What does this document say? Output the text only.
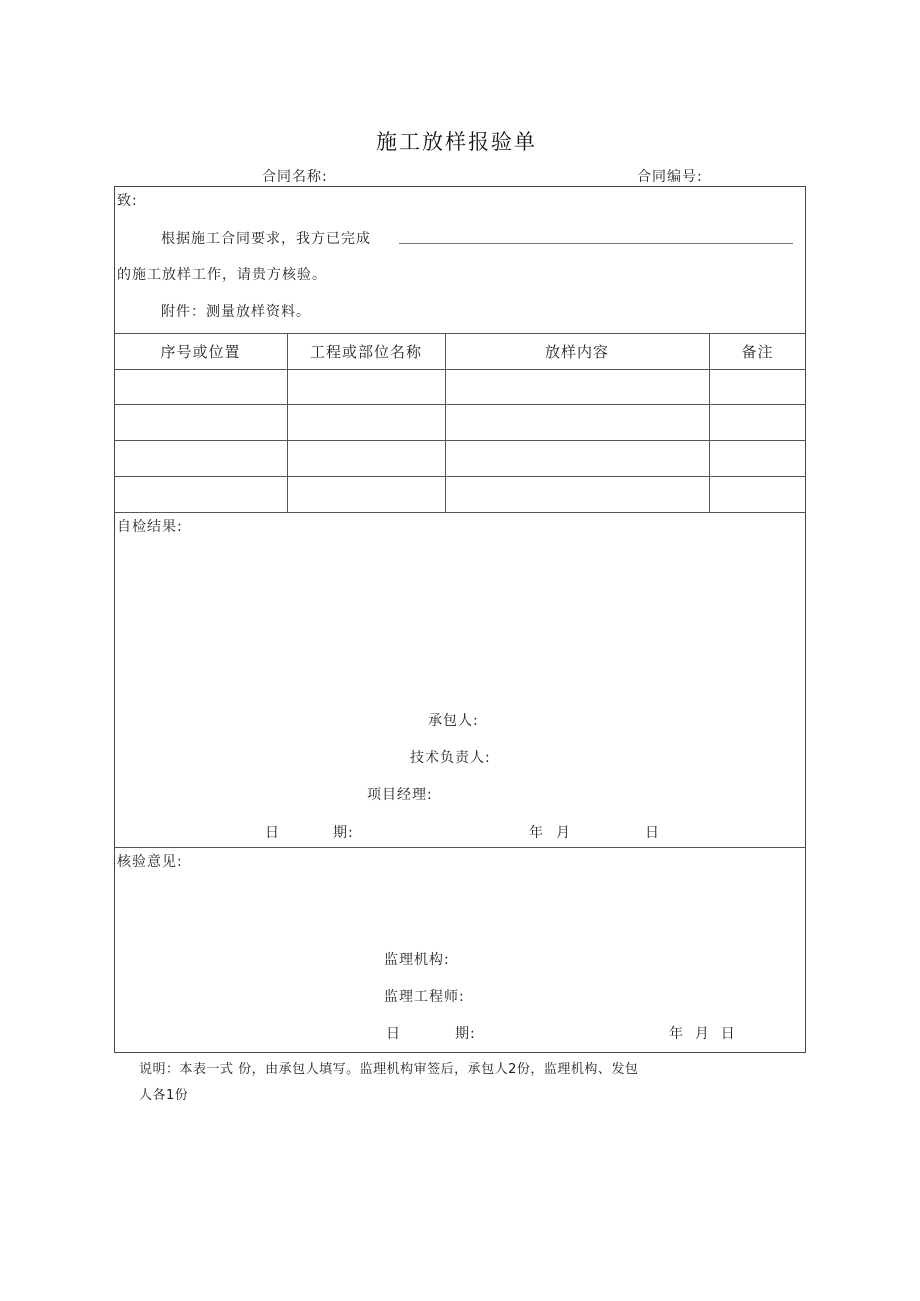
施工放样报验单
合同名称:	合同编号:
致:
根据施工合同要求，我方已完成
的施工放样工作，请贵方核验。
附件：测量放样资料。
序号或位置	工程或部位名称	放样内容	备注
自检结果:
承包人:
技术负责人:
项目经理:
日	期:	年 月	日
核验意见:
监理机构:
监理工程师:
日	期:	年  月  日
说明：本表一式 份，由承包人填写。监理机构审签后，承包人2份，监理机构、发包
人各1份
